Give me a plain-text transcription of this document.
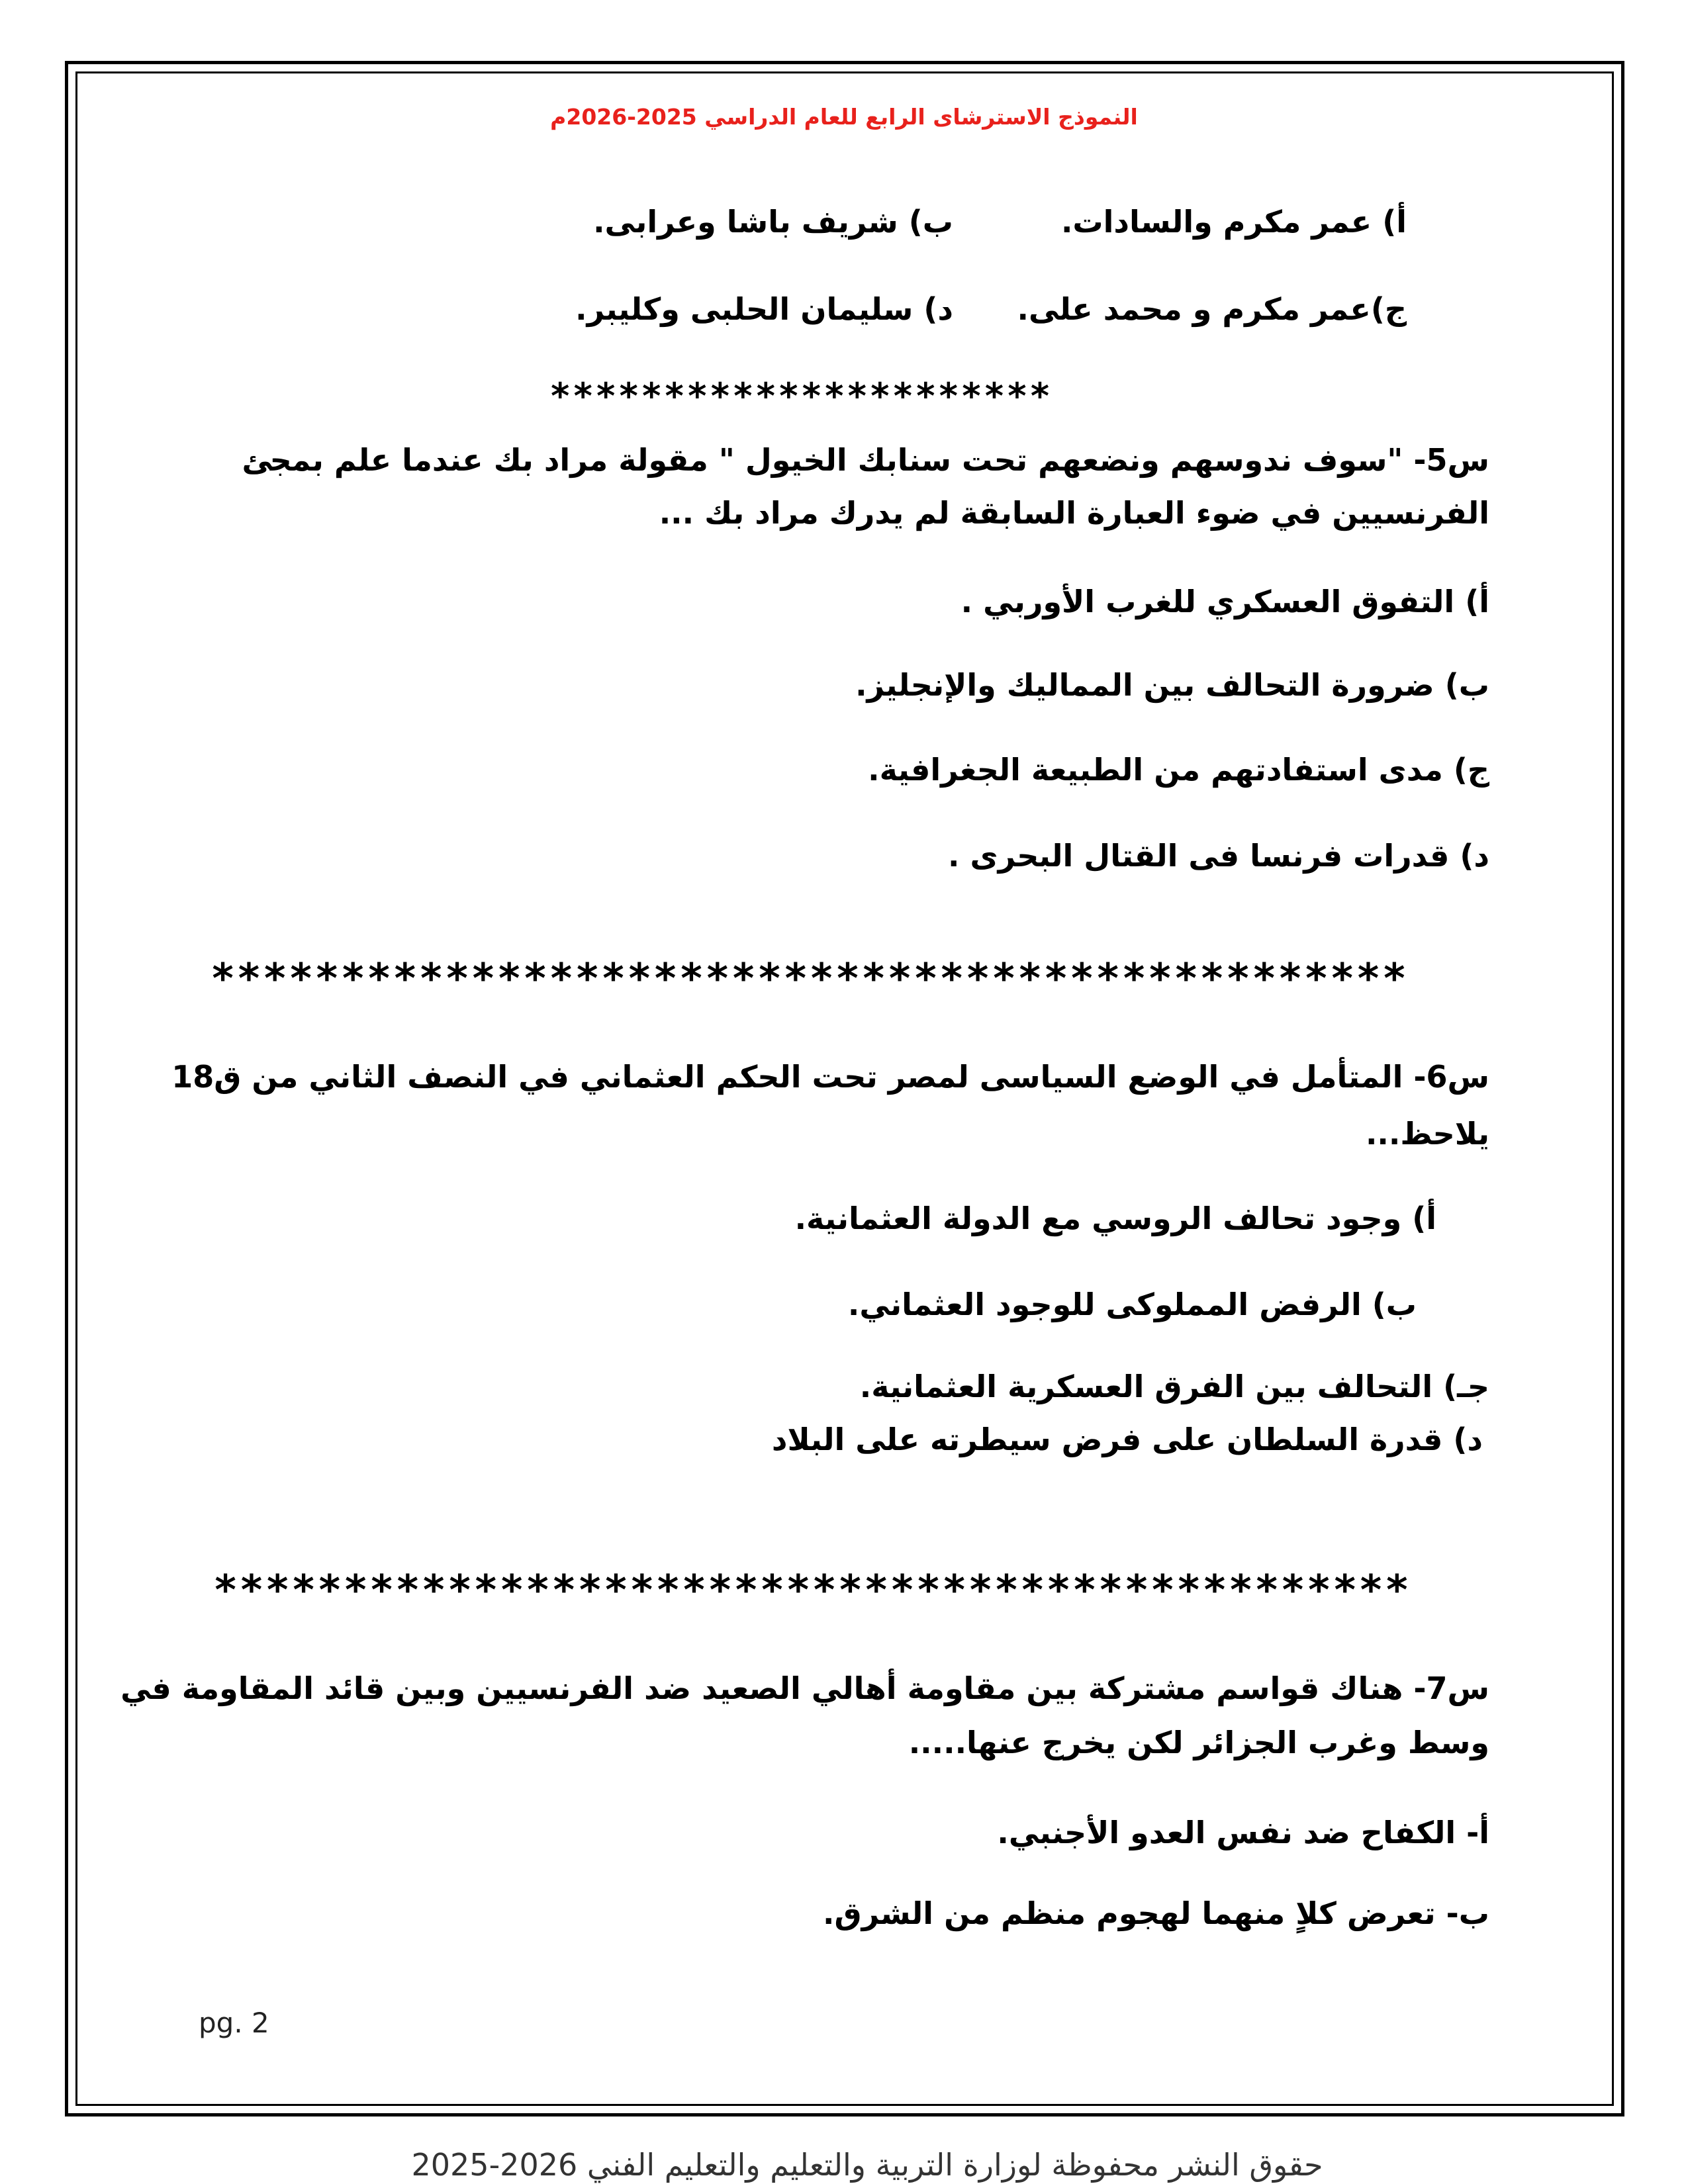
النموذج الاسترشاى الرابع للعام الدراسي 2025-2026م
أ) عمر مكرم والسادات.
ب) شريف باشا وعرابى.
ج)عمر مكرم و محمد على.
د) سليمان الحلبى وكليبر.
**********************
س5- "سوف ندوسهم ونضعهم تحت سنابك الخيول " مقولة مراد بك عندما علم بمجئ
الفرنسيين في ضوء العبارة السابقة لم يدرك مراد بك ...
أ) التفوق العسكري للغرب الأوربي .
ب) ضرورة التحالف بين المماليك والإنجليز.
ج) مدى استفادتهم من الطبيعة الجغرافية.
د) قدرات فرنسا فى القتال البحرى .
**********************************************
س6- المتأمل في الوضع السياسى لمصر تحت الحكم العثماني في النصف الثاني من ق18
يلاحظ...
أ) وجود تحالف الروسي مع الدولة العثمانية.
ب) الرفض المملوكى للوجود العثماني.
جـ) التحالف بين الفرق العسكرية العثمانية.
د) قدرة السلطان على فرض سيطرته على البلاد
**********************************************
س7- هناك قواسم مشتركة بين مقاومة أهالي الصعيد ضد الفرنسيين وبين قائد المقاومة في
وسط وغرب الجزائر لكن يخرج عنها.....
أ- الكفاح ضد نفس العدو الأجنبي.
ب- تعرض كلاٍ منهما لهجوم منظم من الشرق.
pg. 2
حقوق النشر محفوظة لوزارة التربية والتعليم والتعليم الفني 2026-2025
